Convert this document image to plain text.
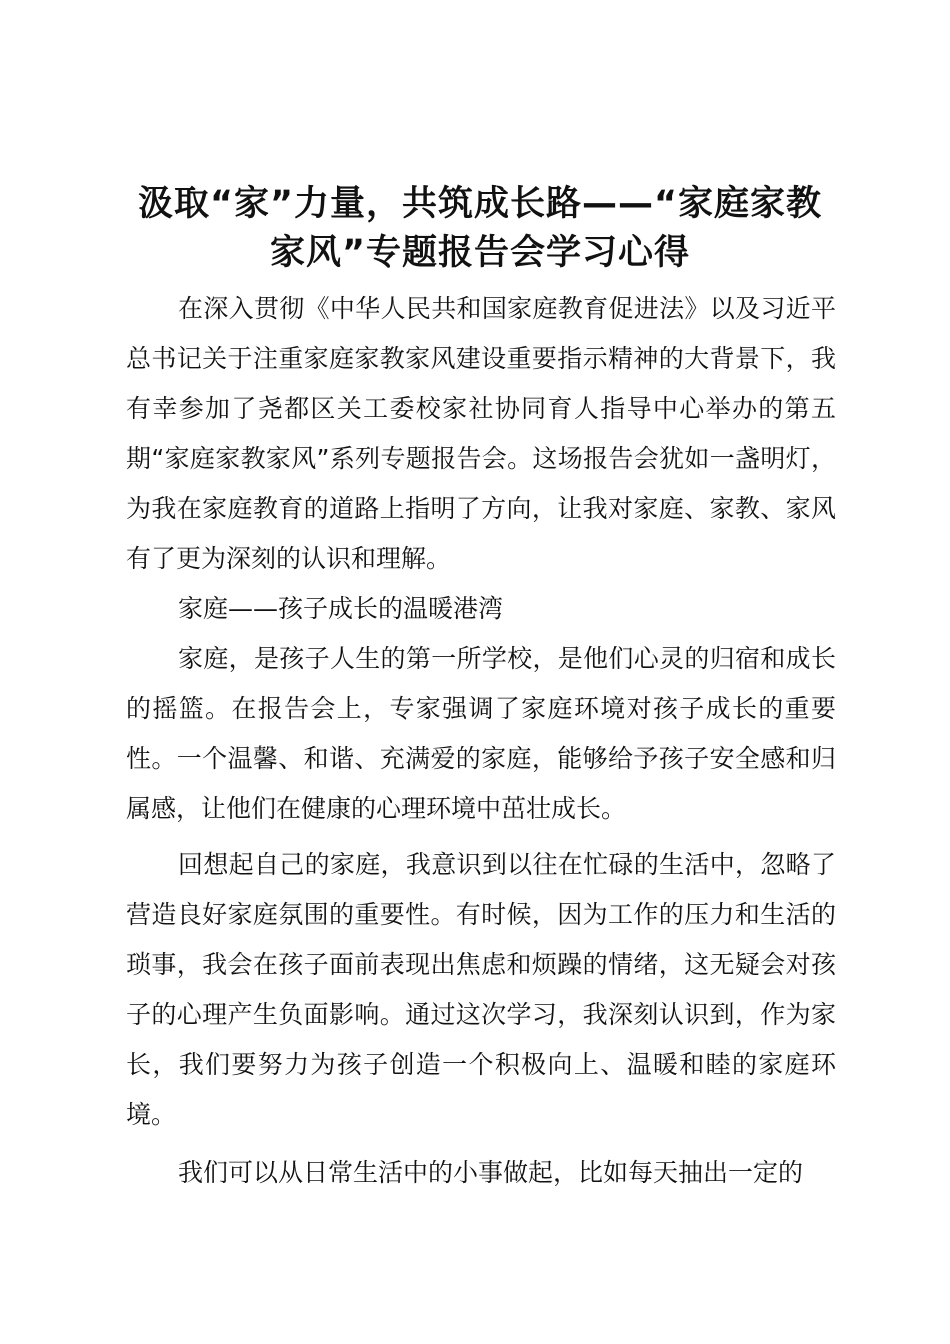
汲取“家”力量，共筑成长路——“家庭家教
家风”专题报告会学习心得

在深入贯彻《中华人民共和国家庭教育促进法》以及习近平总书记关于注重家庭家教家风建设重要指示精神的大背景下，我有幸参加了尧都区关工委校家社协同育人指导中心举办的第五期“家庭家教家风”系列专题报告会。这场报告会犹如一盏明灯，为我在家庭教育的道路上指明了方向，让我对家庭、家教、家风有了更为深刻的认识和理解。

家庭——孩子成长的温暖港湾

家庭，是孩子人生的第一所学校，是他们心灵的归宿和成长的摇篮。在报告会上，专家强调了家庭环境对孩子成长的重要性。一个温馨、和谐、充满爱的家庭，能够给予孩子安全感和归属感，让他们在健康的心理环境中茁壮成长。

回想起自己的家庭，我意识到以往在忙碌的生活中，忽略了营造良好家庭氛围的重要性。有时候，因为工作的压力和生活的琐事，我会在孩子面前表现出焦虑和烦躁的情绪，这无疑会对孩子的心理产生负面影响。通过这次学习，我深刻认识到，作为家长，我们要努力为孩子创造一个积极向上、温暖和睦的家庭环境。

我们可以从日常生活中的小事做起，比如每天抽出一定的
